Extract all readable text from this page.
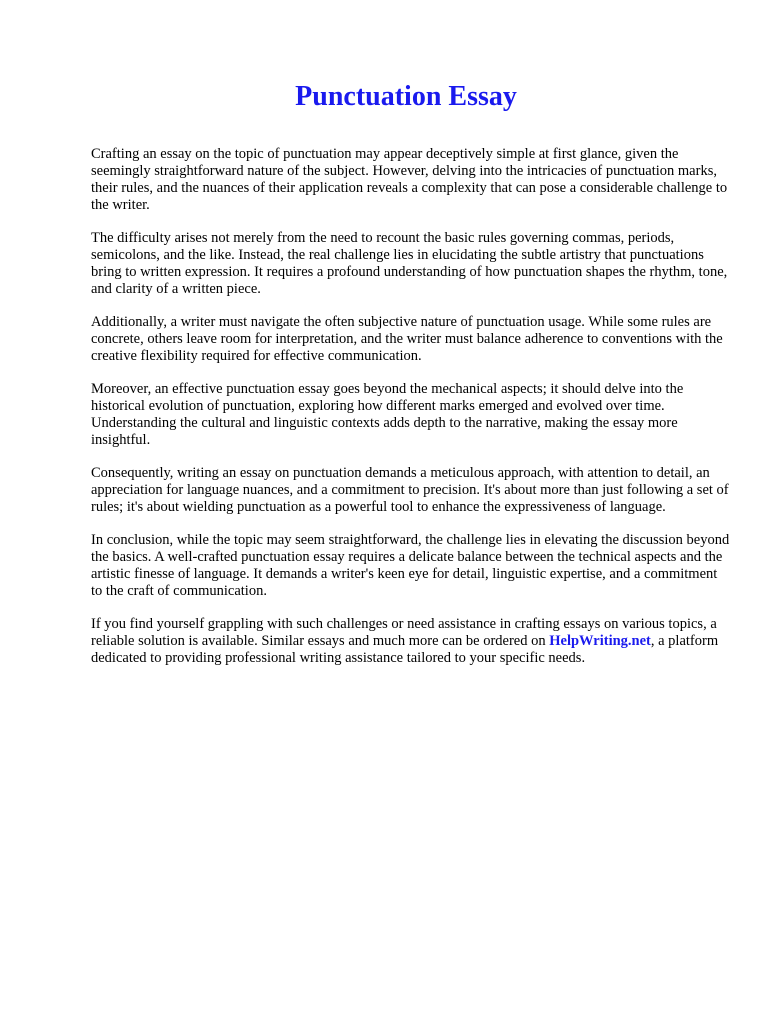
Punctuation Essay

Crafting an essay on the topic of punctuation may appear deceptively simple at first glance, given the seemingly straightforward nature of the subject. However, delving into the intricacies of punctuation marks, their rules, and the nuances of their application reveals a complexity that can pose a considerable challenge to the writer.

The difficulty arises not merely from the need to recount the basic rules governing commas, periods, semicolons, and the like. Instead, the real challenge lies in elucidating the subtle artistry that punctuations bring to written expression. It requires a profound understanding of how punctuation shapes the rhythm, tone, and clarity of a written piece.

Additionally, a writer must navigate the often subjective nature of punctuation usage. While some rules are concrete, others leave room for interpretation, and the writer must balance adherence to conventions with the creative flexibility required for effective communication.

Moreover, an effective punctuation essay goes beyond the mechanical aspects; it should delve into the historical evolution of punctuation, exploring how different marks emerged and evolved over time. Understanding the cultural and linguistic contexts adds depth to the narrative, making the essay more insightful.

Consequently, writing an essay on punctuation demands a meticulous approach, with attention to detail, an appreciation for language nuances, and a commitment to precision. It's about more than just following a set of rules; it's about wielding punctuation as a powerful tool to enhance the expressiveness of language.

In conclusion, while the topic may seem straightforward, the challenge lies in elevating the discussion beyond the basics. A well-crafted punctuation essay requires a delicate balance between the technical aspects and the artistic finesse of language. It demands a writer's keen eye for detail, linguistic expertise, and a commitment to the craft of communication.

If you find yourself grappling with such challenges or need assistance in crafting essays on various topics, a reliable solution is available. Similar essays and much more can be ordered on HelpWriting.net, a platform dedicated to providing professional writing assistance tailored to your specific needs.
